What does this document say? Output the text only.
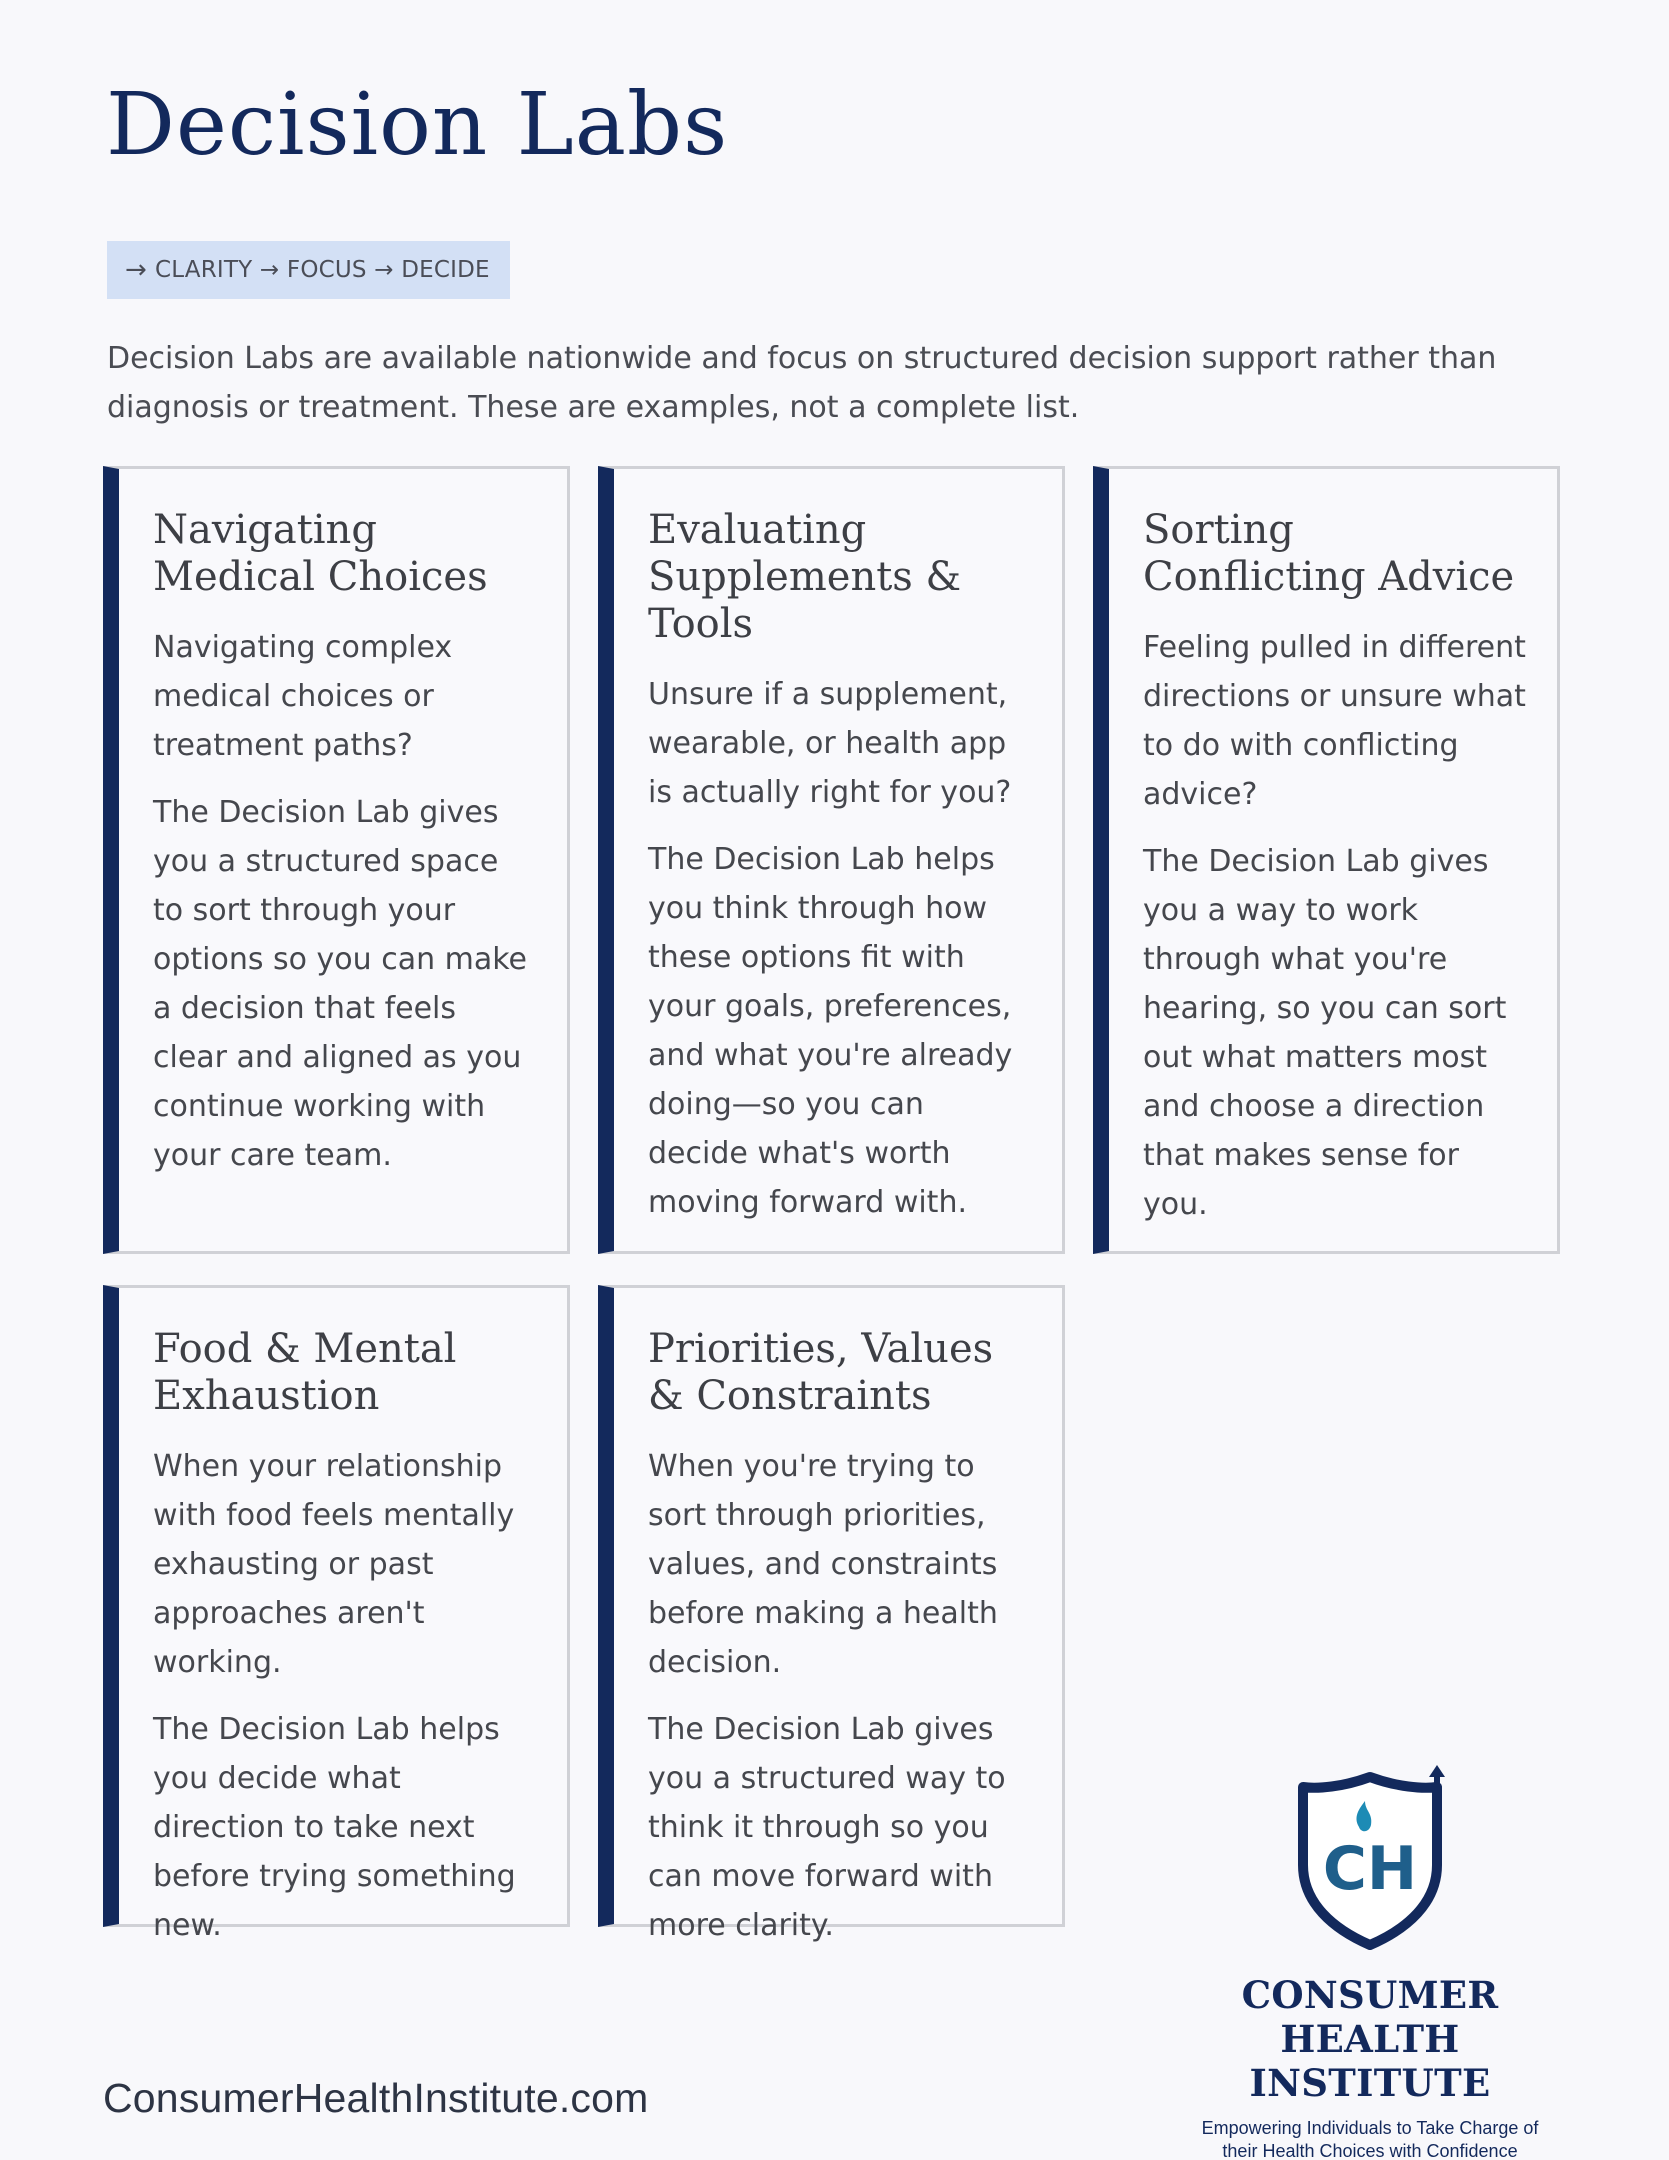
Decision Labs
→ CLARITY → FOCUS → DECIDE

Decision Labs are available nationwide and focus on structured decision support rather than diagnosis or treatment. These are examples, not a complete list.

Navigating Medical Choices

Navigating complex medical choices or treatment paths?

The Decision Lab gives you a structured space to sort through your options so you can make a decision that feels clear and aligned as you continue working with your care team.

Evaluating Supplements & Tools

Unsure if a supplement, wearable, or health app is actually right for you?

The Decision Lab helps you think through how these options fit with your goals, preferences, and what you're already doing—so you can decide what's worth moving forward with.

Sorting Conflicting Advice

Feeling pulled in different directions or unsure what to do with conflicting advice?

The Decision Lab gives you a way to work through what you're hearing, so you can sort out what matters most and choose a direction that makes sense for you.

Food & Mental Exhaustion

When your relationship with food feels mentally exhausting or past approaches aren't working.

The Decision Lab helps you decide what direction to take next before trying something new.

Priorities, Values & Constraints

When you're trying to sort through priorities, values, and constraints before making a health decision.

The Decision Lab gives you a structured way to think it through so you can move forward with more clarity.

CH
CONSUMER HEALTH
INSTITUTE
Empowering Individuals to Take Charge of
their Health Choices with Confidence
ConsumerHealthInstitute.com
